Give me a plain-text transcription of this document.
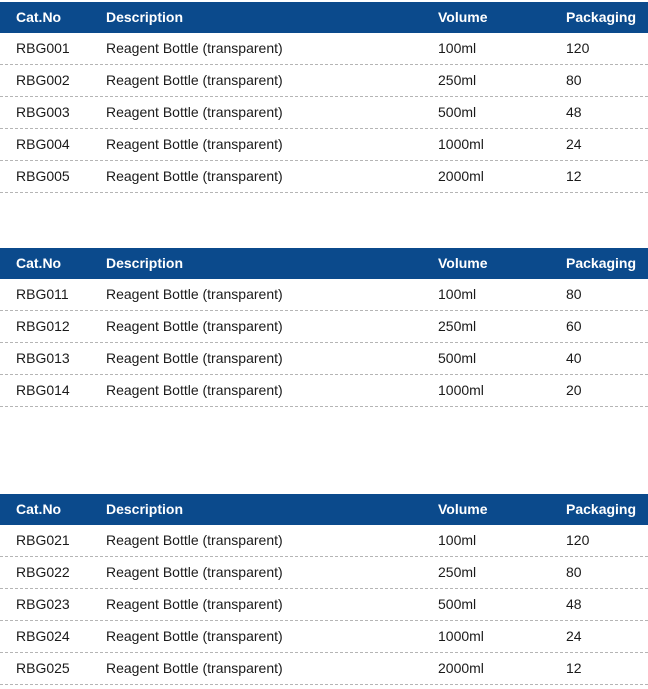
Cat.No	Description	Volume	Packaging
RBG001	Reagent Bottle (transparent)	100ml	120
RBG002	Reagent Bottle (transparent)	250ml	80
RBG003	Reagent Bottle (transparent)	500ml	48
RBG004	Reagent Bottle (transparent)	1000ml	24
RBG005	Reagent Bottle (transparent)	2000ml	12
Cat.No	Description	Volume	Packaging
RBG011	Reagent Bottle (transparent)	100ml	80
RBG012	Reagent Bottle (transparent)	250ml	60
RBG013	Reagent Bottle (transparent)	500ml	40
RBG014	Reagent Bottle (transparent)	1000ml	20
Cat.No	Description	Volume	Packaging
RBG021	Reagent Bottle (transparent)	100ml	120
RBG022	Reagent Bottle (transparent)	250ml	80
RBG023	Reagent Bottle (transparent)	500ml	48
RBG024	Reagent Bottle (transparent)	1000ml	24
RBG025	Reagent Bottle (transparent)	2000ml	12
